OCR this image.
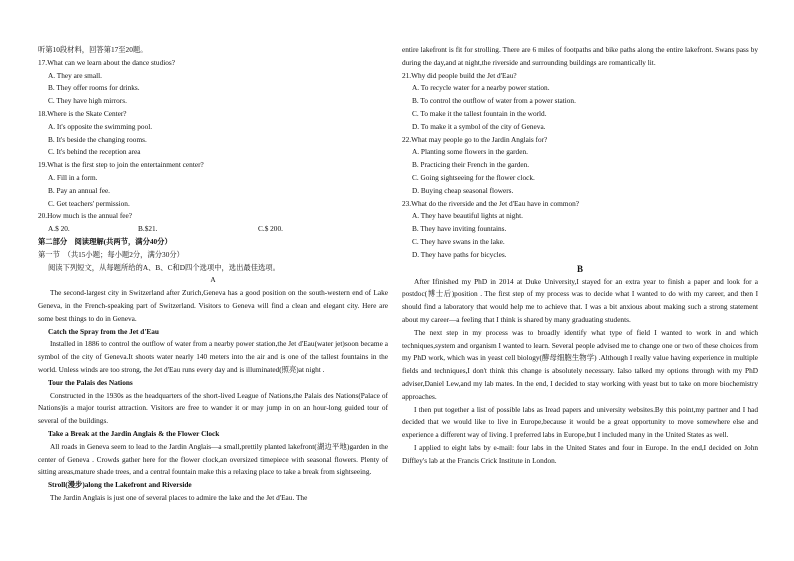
听第10段材料，回答第17至20题。

17.What can we learn about the dance studios?

A. They are small.

B. They offer rooms for drinks.

C. They have high mirrors.

18.Where is the Skate Center?

A. It's opposite the swimming pool.

B. It's beside the changing rooms.

C. It's behind the reception area

19.What is the first step to join the entertainment center?

A. Fill in a form.

B. Pay an annual fee.

C. Get teachers' permission.

20.How much is the annual fee?

A.$ 20.	B.$21.	C.$ 200.

第二部分　阅读理解(共两节，满分40分）

第一节　（共15小题；每小题2分，满分30分）

阅读下列短文，从每题所给的A、B、C和D四个选项中，选出最佳选项。

A

The second-largest city in Switzerland after Zurich,Geneva has a good position on the south-western end of Lake Geneva, in the French-speaking part of Switzerland. Visitors to Geneva will find a clean and elegant city. Here are some best things to do in Geneva.

Catch the Spray from the Jet d'Eau

Installed in 1886 to control the outflow of water from a nearby power station,the Jet d'Eau(water jet)soon became a symbol of the city of Geneva.It shoots water nearly 140 meters into the air and is one of the tallest fountains in the world. Unless winds are too strong, the Jet d'Eau runs every day and is illuminated(照亮)at night .

Tour the Palais des Nations

Constructed in the 1930s as the headquarters of the short-lived League of Nations,the Palais des Nations(Palace of Nations)is a major tourist attraction. Visitors are free to wander it or may jump in on an hour-long guided tour of several of the buildings.

Take a Break at the Jardin Anglais & the Flower Clock

All roads in Geneva seem to lead to the Jardin Anglais—a small,prettily planted lakefront(湖边平地)garden in the center of Geneva . Crowds gather here for the flower clock,an oversized timepiece with seasonal flowers. Plenty of sitting areas,mature shade trees, and a central fountain make this a relaxing place to take a break from sightseeing.

Stroll(漫步)along the Lakefront and Riverside

The Jardin Anglais is just one of several places to admire the lake and the Jet d'Eau. The

entire lakefront is fit for strolling. There are 6 miles of footpaths and bike paths along the entire lakefront. Swans pass by during the day,and at night,the riverside and surrounding buildings are romantically lit.

21.Why did people build the Jet d'Eau?

A. To recycle water for a nearby power station.

B. To control the outflow of water from a power station.

C. To make it the tallest fountain in the world.

D. To make it a symbol of the city of Geneva.

22.What may people go to the Jardin Anglais for?

A. Planting some flowers in the garden.

B. Practicing their French in the garden.

C. Going sightseeing for the flower clock.

D. Buying cheap seasonal flowers.

23.What do the riverside and the Jet d'Eau have in common?

A. They have beautiful lights at night.

B. They have inviting fountains.

C. They have swans in the lake.

D. They have paths for bicycles.

B

After Ifinished my PhD in 2014 at Duke University,I stayed for an extra year to finish a paper and look for a postdoc(博士后)position . The first step of my process was to decide what I wanted to do with my career, and then I should find a laboratory that would help me to achieve that. I was a bit anxious about making such a strong statement about my career—a feeling that I think is shared by many graduating students.

The next step in my process was to broadly identify what type of field I wanted to work in and which techniques,system and organism I wanted to learn. Several people advised me to change one or two of these choices from my PhD work, which was in yeast cell biology(酵母细胞生物学) .Although I really value having experience in multiple fields and techniques,I don't think this change is absolutely necessary. Ialso talked my options through with my PhD adviser,Daniel Lew,and my lab mates. In the end, I decided to stay working with yeast but to take on more biochemistry approaches.

I then put together a list of possible labs as Iread papers and university websites.By this point,my partner and I had decided that we would like to live in Europe,because it would be a great opportunity to move somewhere else and experience a different way of living. I preferred labs in Europe,but I included many in the United States as well.

I applied to eight labs by e-mail: four labs in the United States and four in Europe. In the end,I decided on John Diffley's lab at the Francis Crick Institute in London.
